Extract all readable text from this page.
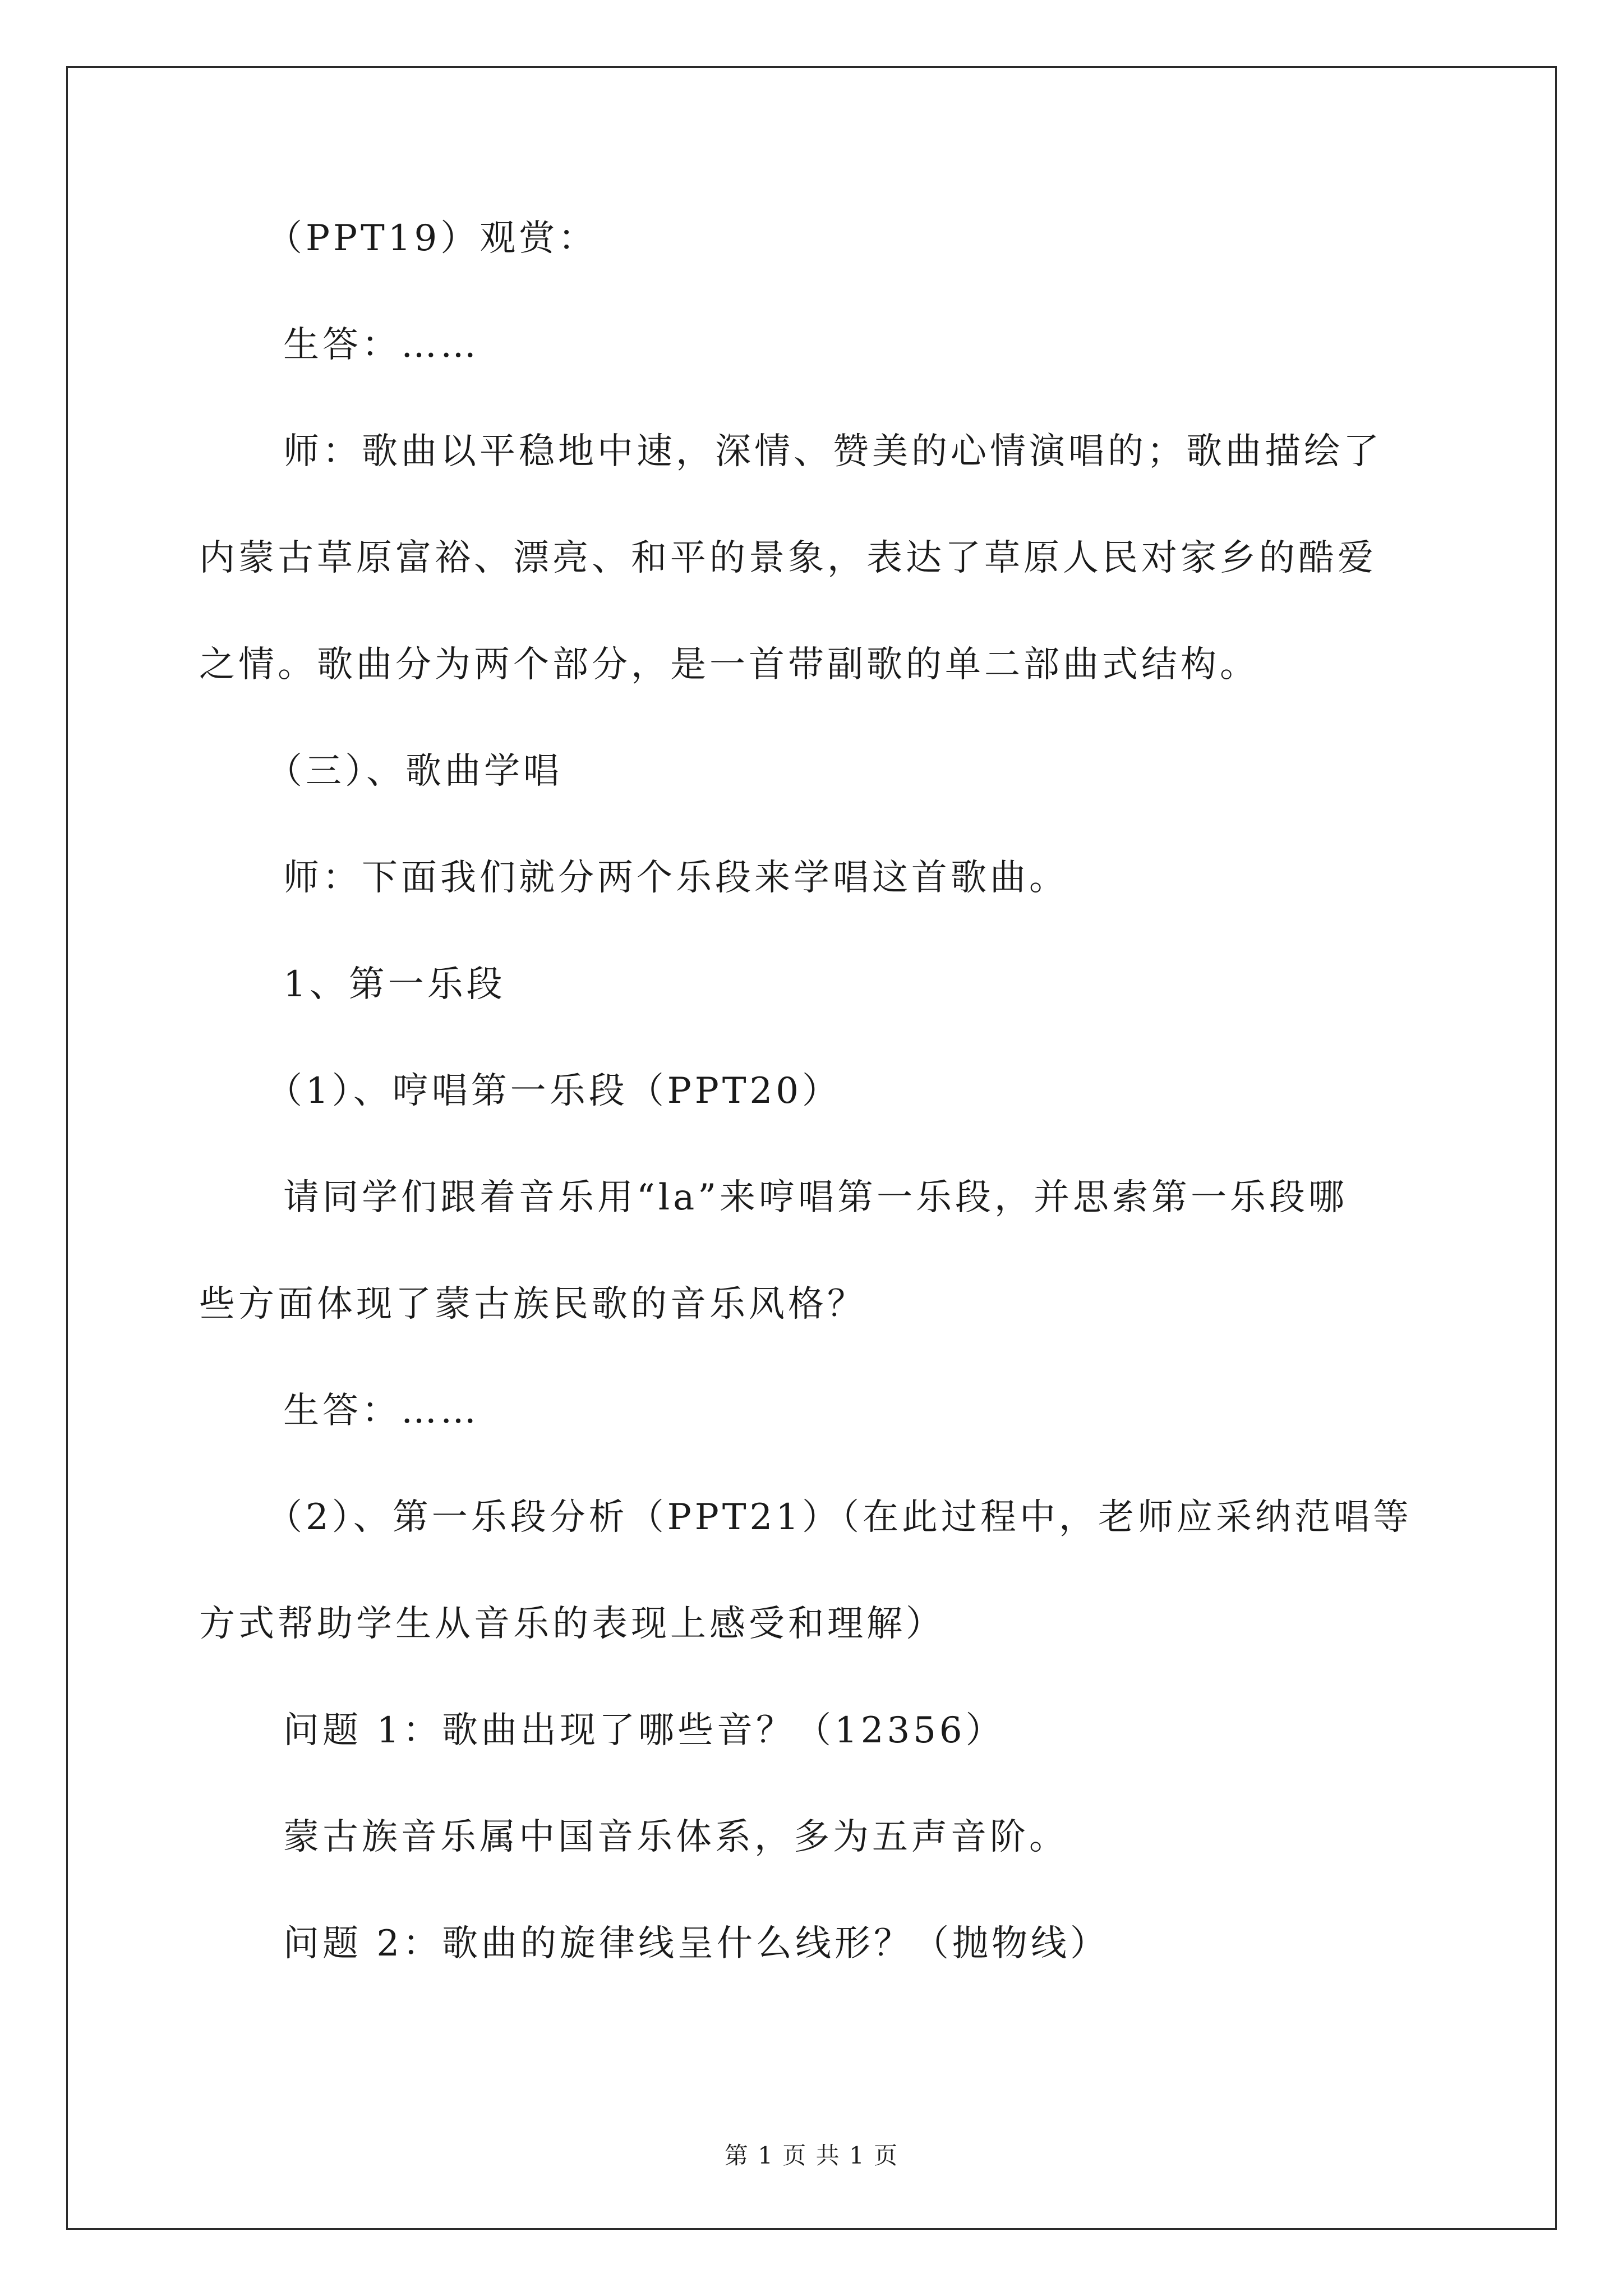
（PPT19）观赏：
生答：……
师：歌曲以平稳地中速，深情、赞美的心情演唱的；歌曲描绘了
内蒙古草原富裕、漂亮、和平的景象，表达了草原人民对家乡的酷爱
之情。歌曲分为两个部分，是一首带副歌的单二部曲式结构。
（三）、歌曲学唱
师：下面我们就分两个乐段来学唱这首歌曲。
1、第一乐段
（1）、哼唱第一乐段（PPT20）
请同学们跟着音乐用“la”来哼唱第一乐段，并思索第一乐段哪
些方面体现了蒙古族民歌的音乐风格？
生答：……
（2）、第一乐段分析（PPT21）（在此过程中，老师应采纳范唱等
方式帮助学生从音乐的表现上感受和理解）
问题 1：歌曲出现了哪些音？（12356）
蒙古族音乐属中国音乐体系，多为五声音阶。
问题 2：歌曲的旋律线呈什么线形？（抛物线）
第 1 页 共 1 页
